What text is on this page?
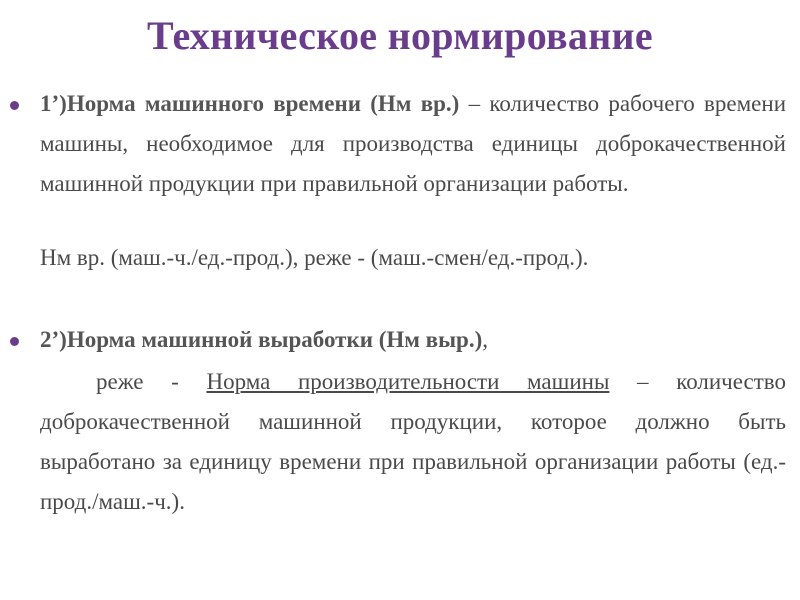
Техническое нормирование
1’)Норма машинного времени (Нм вр.) – количество рабочего времени машины, необходимое для производства единицы доброкачественной машинной продукции при правильной организации работы.
Нм вр. (маш.-ч./ед.-прод.), реже - (маш.-смен/ед.-прод.).
2’)Норма машинной выработки (Нм выр.),
реже - Норма производительности машины – количество доброкачественной машинной продукции, которое должно быть выработано за единицу времени при правильной организации работы (ед.-прод./маш.-ч.).
